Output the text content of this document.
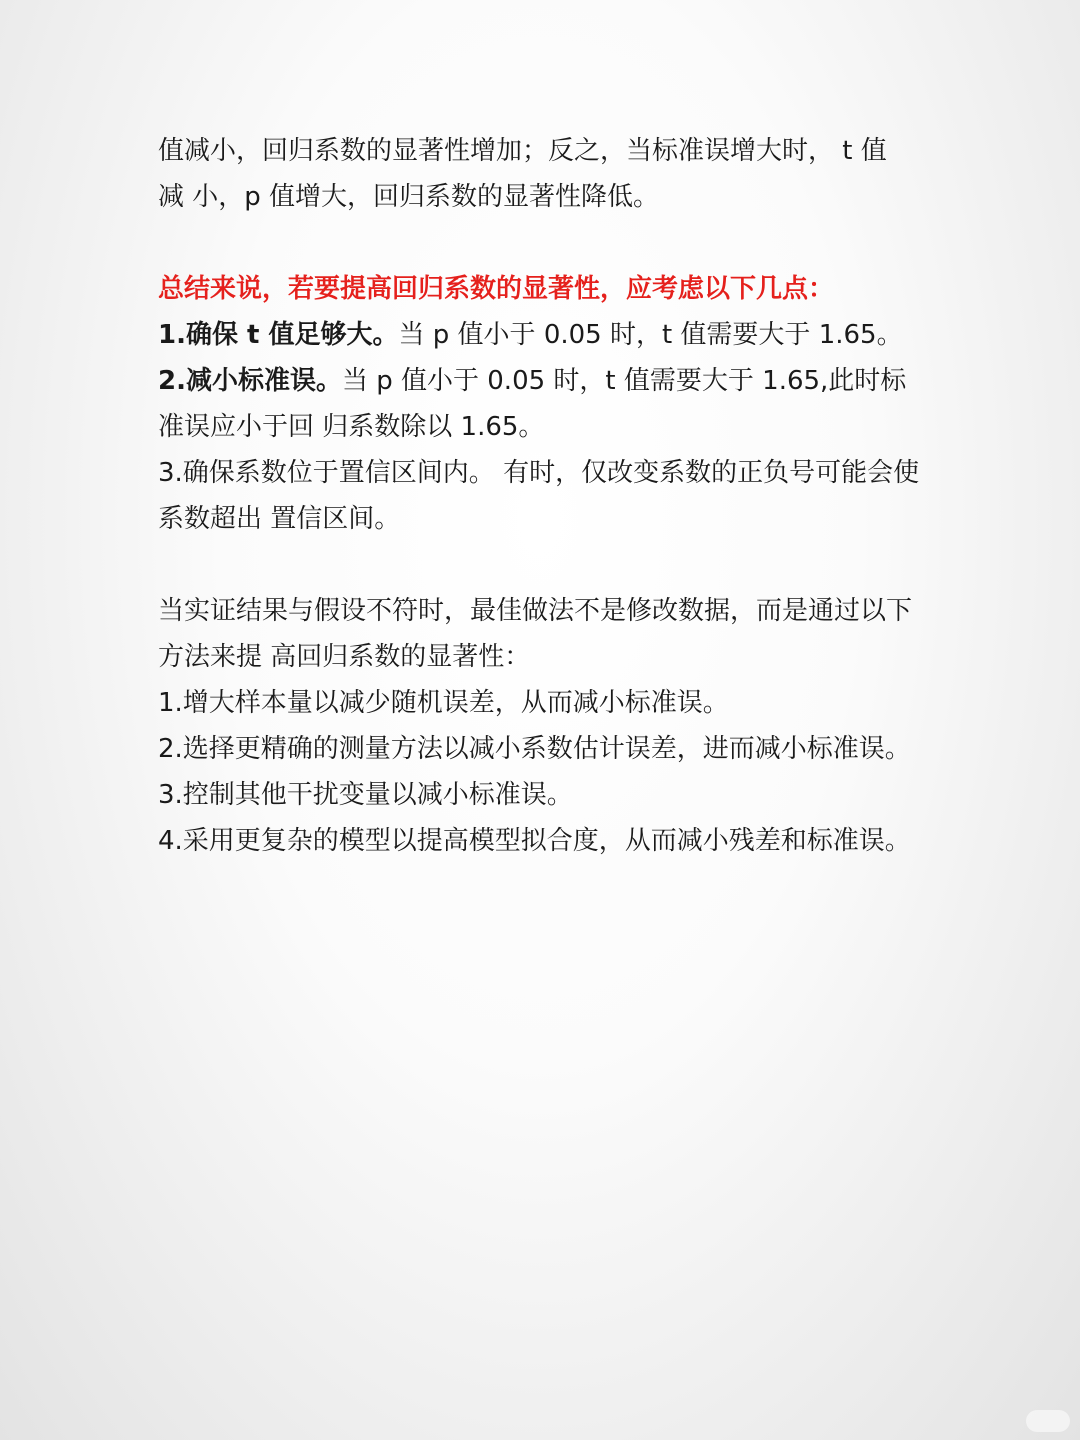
值减小，回归系数的显著性增加；反之，当标准误增大时， t 值
减 小，p 值增大，回归系数的显著性降低。

总结来说，若要提高回归系数的显著性，应考虑以下几点：

1.确保 t 值足够大。当 p 值小于 0.05 时，t 值需要大于 1.65。

2.减小标准误。当 p 值小于 0.05 时，t 值需要大于 1.65,此时标准误应小于回 归系数除以 1.65。

3.确保系数位于置信区间内。 有时，仅改变系数的正负号可能会使系数超出 置信区间。

当实证结果与假设不符时，最佳做法不是修改数据，而是通过以下方法来提 高回归系数的显著性：

1.增大样本量以减少随机误差，从而减小标准误。

2.选择更精确的测量方法以减小系数估计误差，进而减小标准误。

3.控制其他干扰变量以减小标准误。

4.采用更复杂的模型以提高模型拟合度，从而减小残差和标准误。
